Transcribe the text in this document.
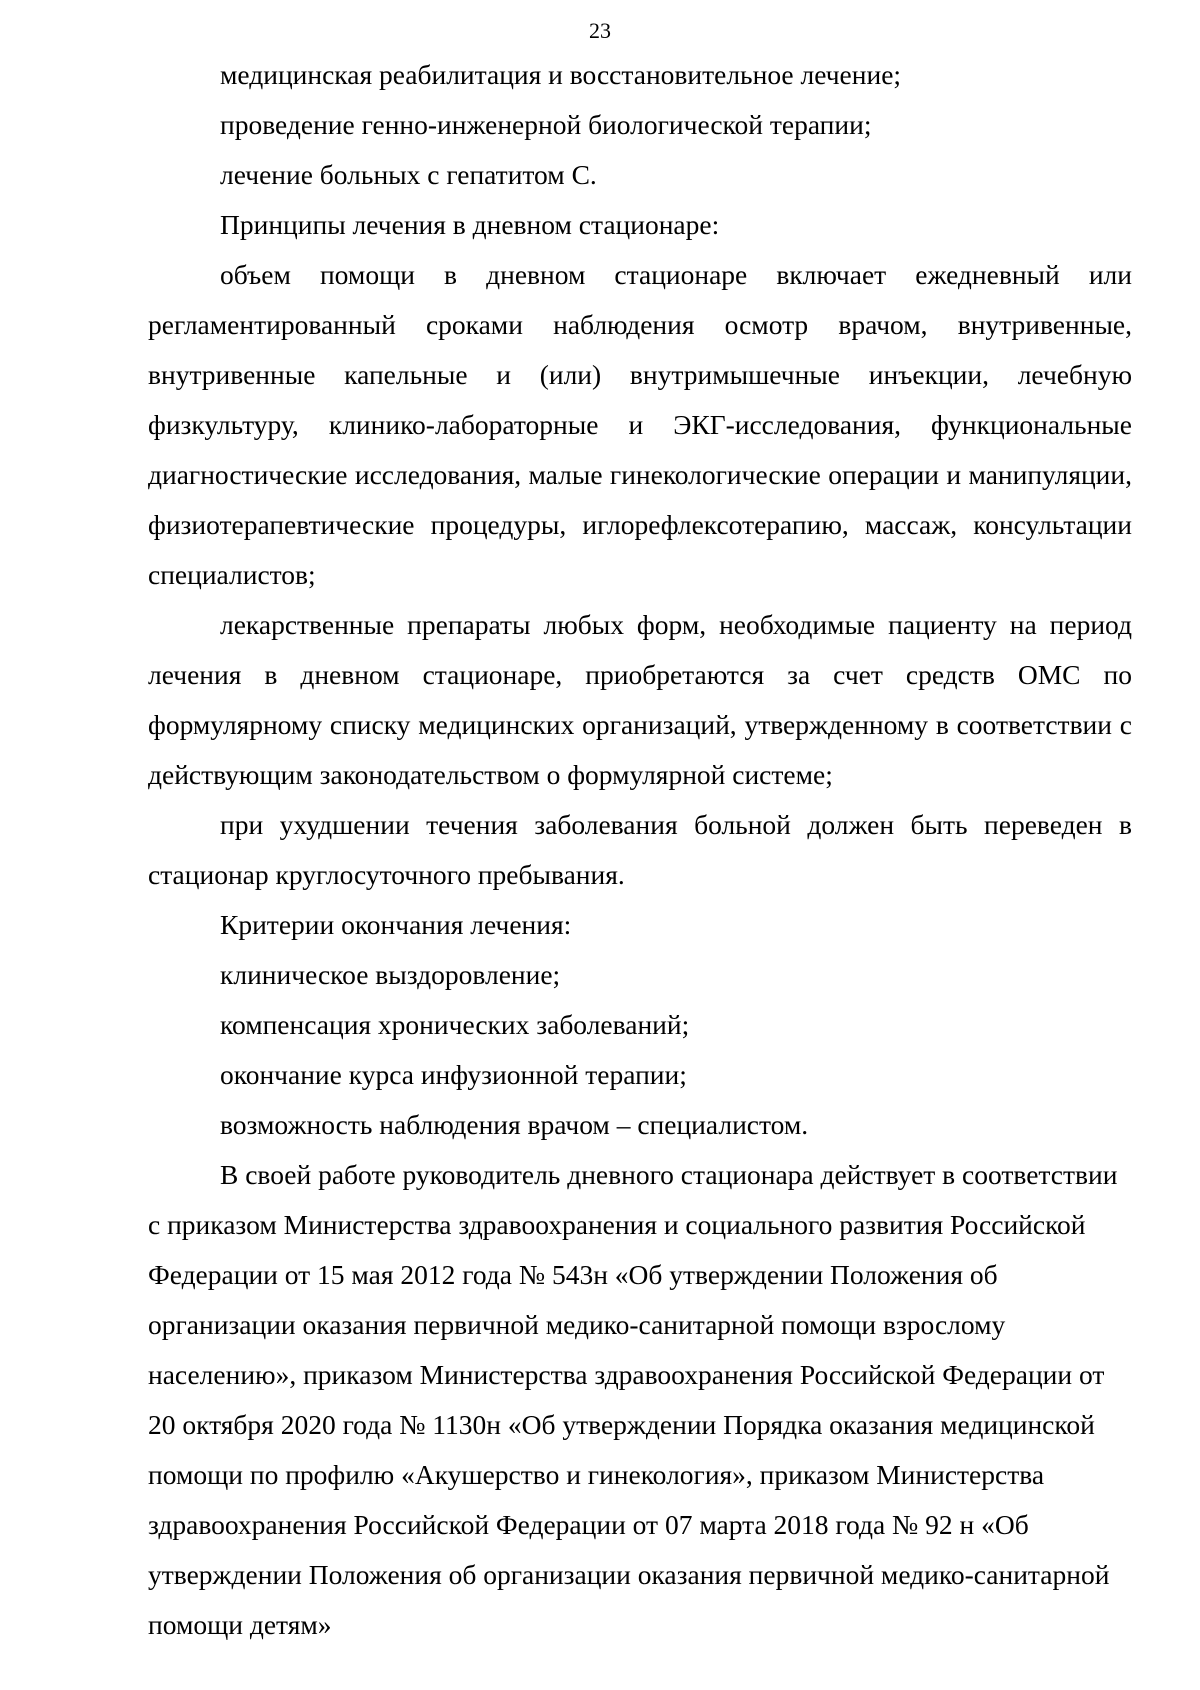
23

медицинская реабилитация и восстановительное лечение;

проведение генно-инженерной биологической терапии;

лечение больных с гепатитом С.

Принципы лечения в дневном стационаре:

объем помощи в дневном стационаре включает ежедневный или регламентированный сроками наблюдения осмотр врачом, внутривенные, внутривенные капельные и (или) внутримышечные инъекции, лечебную физкультуру, клинико-лабораторные и ЭКГ-исследования, функциональные диагностические исследования, малые гинекологические операции и манипуляции, физиотерапевтические процедуры, иглорефлексотерапию, массаж, консультации специалистов;

лекарственные препараты любых форм, необходимые пациенту на период лечения в дневном стационаре, приобретаются за счет средств ОМС по формулярному списку медицинских организаций, утвержденному в соответствии с действующим законодательством о формулярной системе;

при ухудшении течения заболевания больной должен быть переведен в стационар круглосуточного пребывания.

Критерии окончания лечения:

клиническое выздоровление;

компенсация хронических заболеваний;

окончание курса инфузионной терапии;

возможность наблюдения врачом – специалистом.

В своей работе руководитель дневного стационара действует в соответствии с приказом Министерства здравоохранения и социального развития Российской Федерации от 15 мая 2012 года № 543н «Об утверждении Положения об организации оказания первичной медико-санитарной помощи взрослому населению», приказом Министерства здравоохранения Российской Федерации от 20 октября 2020 года № 1130н «Об утверждении Порядка оказания медицинской помощи по профилю «Акушерство и гинекология», приказом Министерства здравоохранения Российской Федерации от 07 марта 2018 года № 92 н «Об утверждении Положения об организации оказания первичной медико-санитарной помощи детям»
